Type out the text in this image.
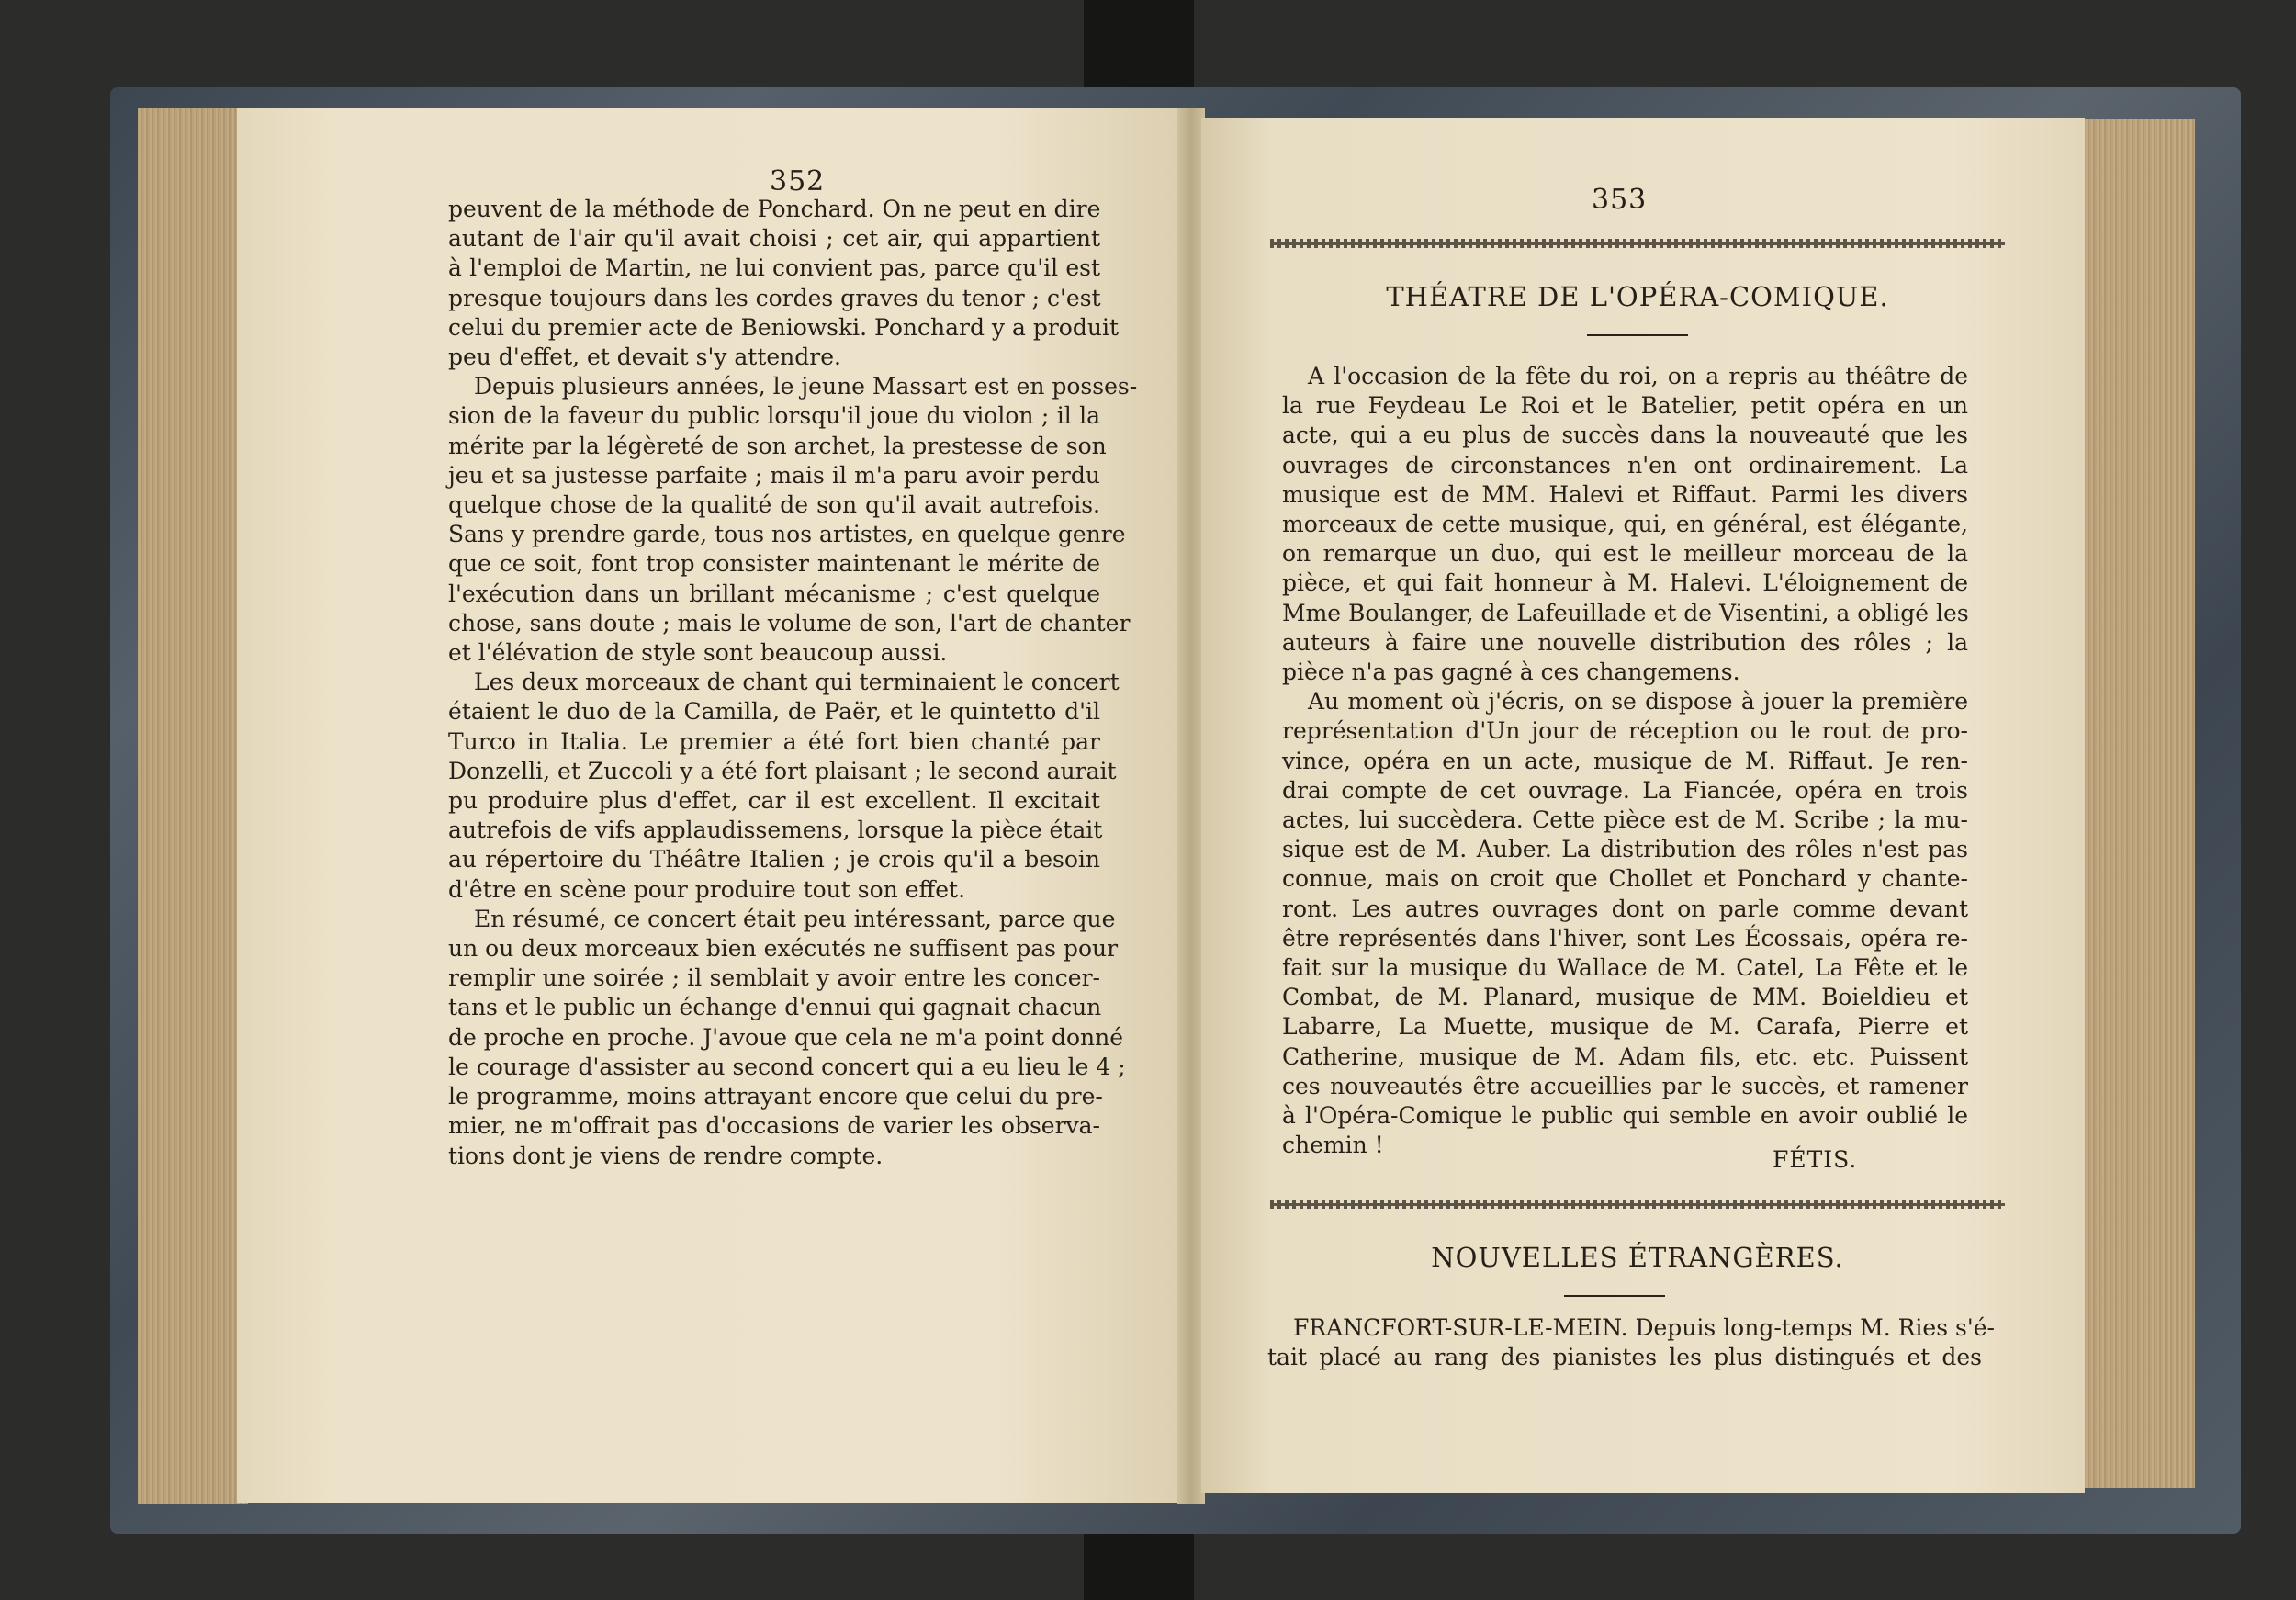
352
peuvent de la méthode de Ponchard. On ne peut en dire
autant de l'air qu'il avait choisi ; cet air, qui appartient
à l'emploi de Martin, ne lui convient pas, parce qu'il est
presque toujours dans les cordes graves du tenor ; c'est
celui du premier acte de Beniowski. Ponchard y a produit
peu d'effet, et devait s'y attendre.
Depuis plusieurs années, le jeune Massart est en posses-
sion de la faveur du public lorsqu'il joue du violon ; il la
mérite par la légèreté de son archet, la prestesse de son
jeu et sa justesse parfaite ; mais il m'a paru avoir perdu
quelque chose de la qualité de son qu'il avait autrefois.
Sans y prendre garde, tous nos artistes, en quelque genre
que ce soit, font trop consister maintenant le mérite de
l'exécution dans un brillant mécanisme ; c'est quelque
chose, sans doute ; mais le volume de son, l'art de chanter
et l'élévation de style sont beaucoup aussi.
Les deux morceaux de chant qui terminaient le concert
étaient le duo de la Camilla, de Paër, et le quintetto d'il
Turco in Italia. Le premier a été fort bien chanté par
Donzelli, et Zuccoli y a été fort plaisant ; le second aurait
pu produire plus d'effet, car il est excellent. Il excitait
autrefois de vifs applaudissemens, lorsque la pièce était
au répertoire du Théâtre Italien ; je crois qu'il a besoin
d'être en scène pour produire tout son effet.
En résumé, ce concert était peu intéressant, parce que
un ou deux morceaux bien exécutés ne suffisent pas pour
remplir une soirée ; il semblait y avoir entre les concer-
tans et le public un échange d'ennui qui gagnait chacun
de proche en proche. J'avoue que cela ne m'a point donné
le courage d'assister au second concert qui a eu lieu le 4 ;
le programme, moins attrayant encore que celui du pre-
mier, ne m'offrait pas d'occasions de varier les observa-
tions dont je viens de rendre compte.
353
THÉATRE DE L'OPÉRA-COMIQUE.
A l'occasion de la fête du roi, on a repris au théâtre de
la rue Feydeau Le Roi et le Batelier, petit opéra en un
acte, qui a eu plus de succès dans la nouveauté que les
ouvrages de circonstances n'en ont ordinairement. La
musique est de MM. Halevi et Riffaut. Parmi les divers
morceaux de cette musique, qui, en général, est élégante,
on remarque un duo, qui est le meilleur morceau de la
pièce, et qui fait honneur à M. Halevi. L'éloignement de
Mme Boulanger, de Lafeuillade et de Visentini, a obligé les
auteurs à faire une nouvelle distribution des rôles ; la
pièce n'a pas gagné à ces changemens.
Au moment où j'écris, on se dispose à jouer la première
représentation d'Un jour de réception ou le rout de pro-
vince, opéra en un acte, musique de M. Riffaut. Je ren-
drai compte de cet ouvrage. La Fiancée, opéra en trois
actes, lui succèdera. Cette pièce est de M. Scribe ; la mu-
sique est de M. Auber. La distribution des rôles n'est pas
connue, mais on croit que Chollet et Ponchard y chante-
ront. Les autres ouvrages dont on parle comme devant
être représentés dans l'hiver, sont Les Écossais, opéra re-
fait sur la musique du Wallace de M. Catel, La Fête et le
Combat, de M. Planard, musique de MM. Boieldieu et
Labarre, La Muette, musique de M. Carafa, Pierre et
Catherine, musique de M. Adam fils, etc. etc. Puissent
ces nouveautés être accueillies par le succès, et ramener
à l'Opéra-Comique le public qui semble en avoir oublié le
chemin !
FÉTIS.
NOUVELLES ÉTRANGÈRES.
FRANCFORT-SUR-LE-MEIN. Depuis long-temps M. Ries s'é-
tait placé au rang des pianistes les plus distingués et des
